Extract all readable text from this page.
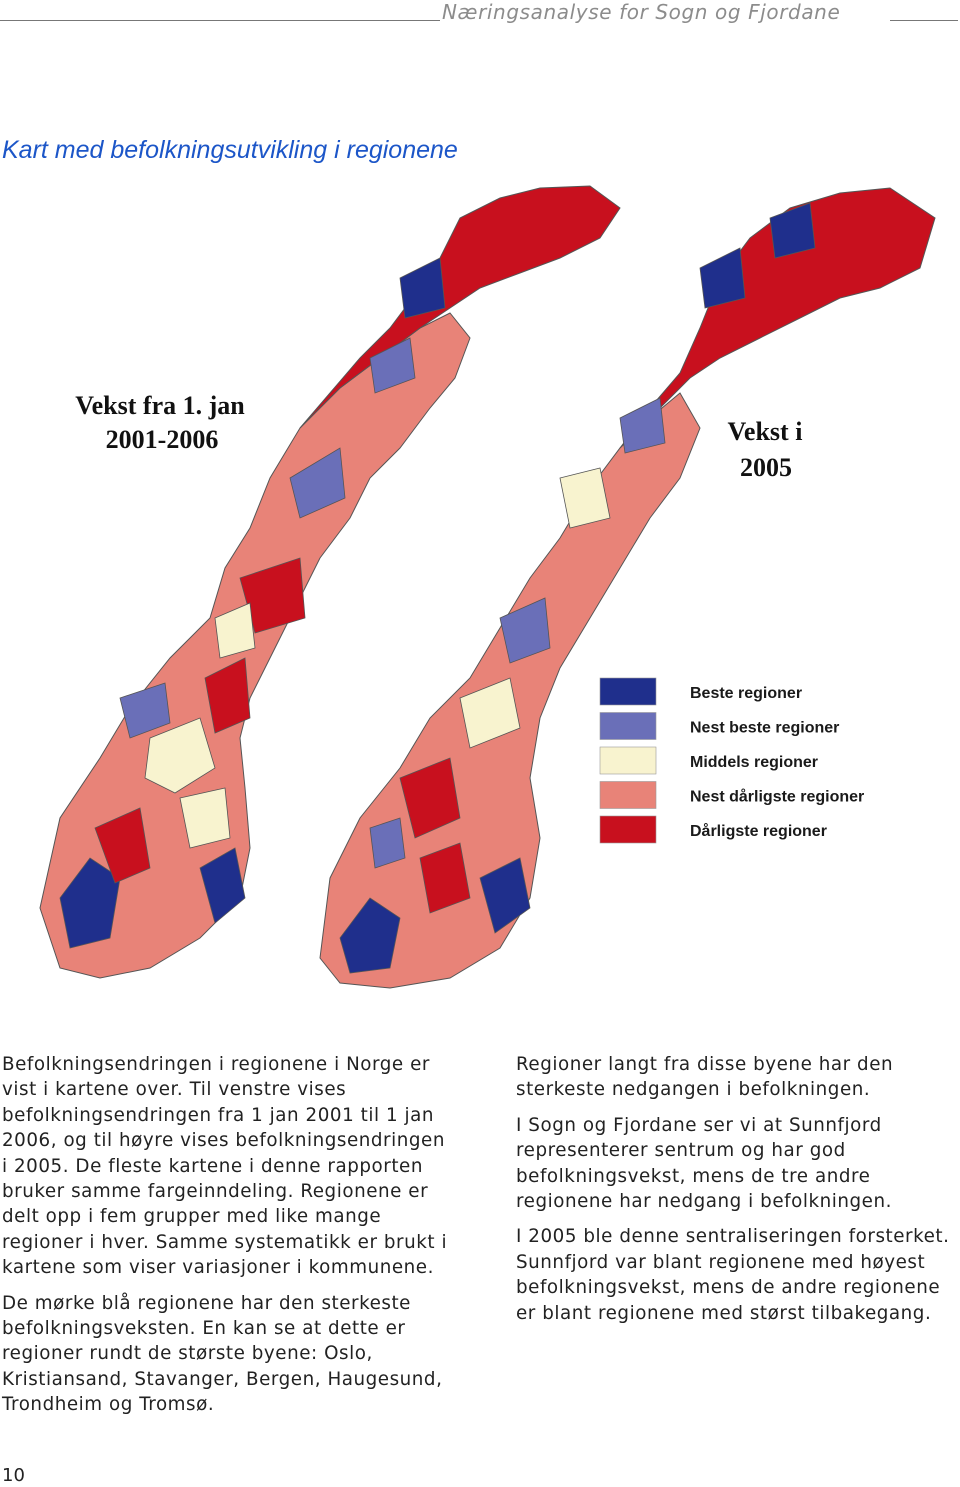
Næringsanalyse for Sogn og Fjordane
Kart med befolkningsutvikling i regionene
Vekst fra 1. jan
2001-2006	Vekst i
2005
Beste regioner
Nest beste regioner
Middels regioner
Nest dårligste regioner
Dårligste regioner

Befolkningsendringen i regionene i Norge er vist i kartene over. Til venstre vises befolkningsendringen fra 1 jan 2001 til 1 jan 2006, og til høyre vises befolkningsendringen i 2005. De fleste kartene i denne rapporten bruker samme fargeinndeling. Regionene er delt opp i fem grupper med like mange regioner i hver. Samme systematikk er brukt i kartene som viser variasjoner i kommunene.

De mørke blå regionene har den sterkeste befolkningsveksten. En kan se at dette er regioner rundt de største byene: Oslo, Kristiansand, Stavanger, Bergen, Haugesund, Trondheim og Tromsø.

Regioner langt fra disse byene har den sterkeste nedgangen i befolkningen.

I Sogn og Fjordane ser vi at Sunnfjord representerer sentrum og har god befolkningsvekst, mens de tre andre regionene har nedgang i befolkningen.

I 2005 ble denne sentraliseringen forsterket. Sunnfjord var blant regionene med høyest befolkningsvekst, mens de andre regionene er blant regionene med størst tilbakegang.

10
